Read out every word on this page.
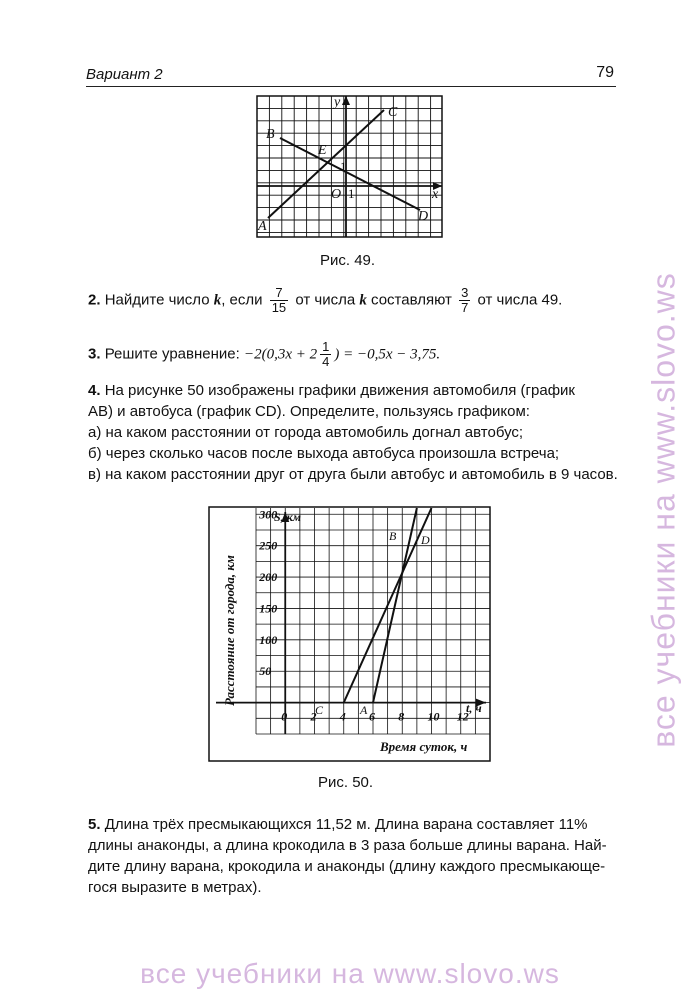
Вариант 2	79
A
B
C
D
E
O	x
y
1
1
Рис. 49.
2. Найдите число k, если $\frac{7}{15}$ от числа k составляют $\frac{3}{7}$ от числа 49.
3. Решите уравнение: $-2(0,3x + 2 \frac{1}{4}$ ) = −0,5x − 3,75.
4. На рисунке 50 изображены графики движения автомобиля (график
AB) и автобуса (график CD). Определите, пользуясь графиком:
а) на каком расстоянии от города автомобиль догнал автобус;
б) через сколько часов после выхода автобуса произошла встреча;
в) на каком расстоянии друг от друга были автобус и автомобиль в 9 часов.
300
250
200
150
100
50
0 2 4 6 8 10 12
S, км
t, ч
Время суток, ч
Расстояние от города, км
A
B
C
D
Рис. 50.
5. Длина трёх пресмыкающихся 11,52 м. Длина варана составляет 11%
длины анаконды, а длина крокодила в 3 раза больше длины варана. Най-
дите длину варана, крокодила и анаконды (длину каждого пресмыкающе-
гося выразите в метрах).
все учебники на www.slovo.ws
все учебники на www.slovo.ws
